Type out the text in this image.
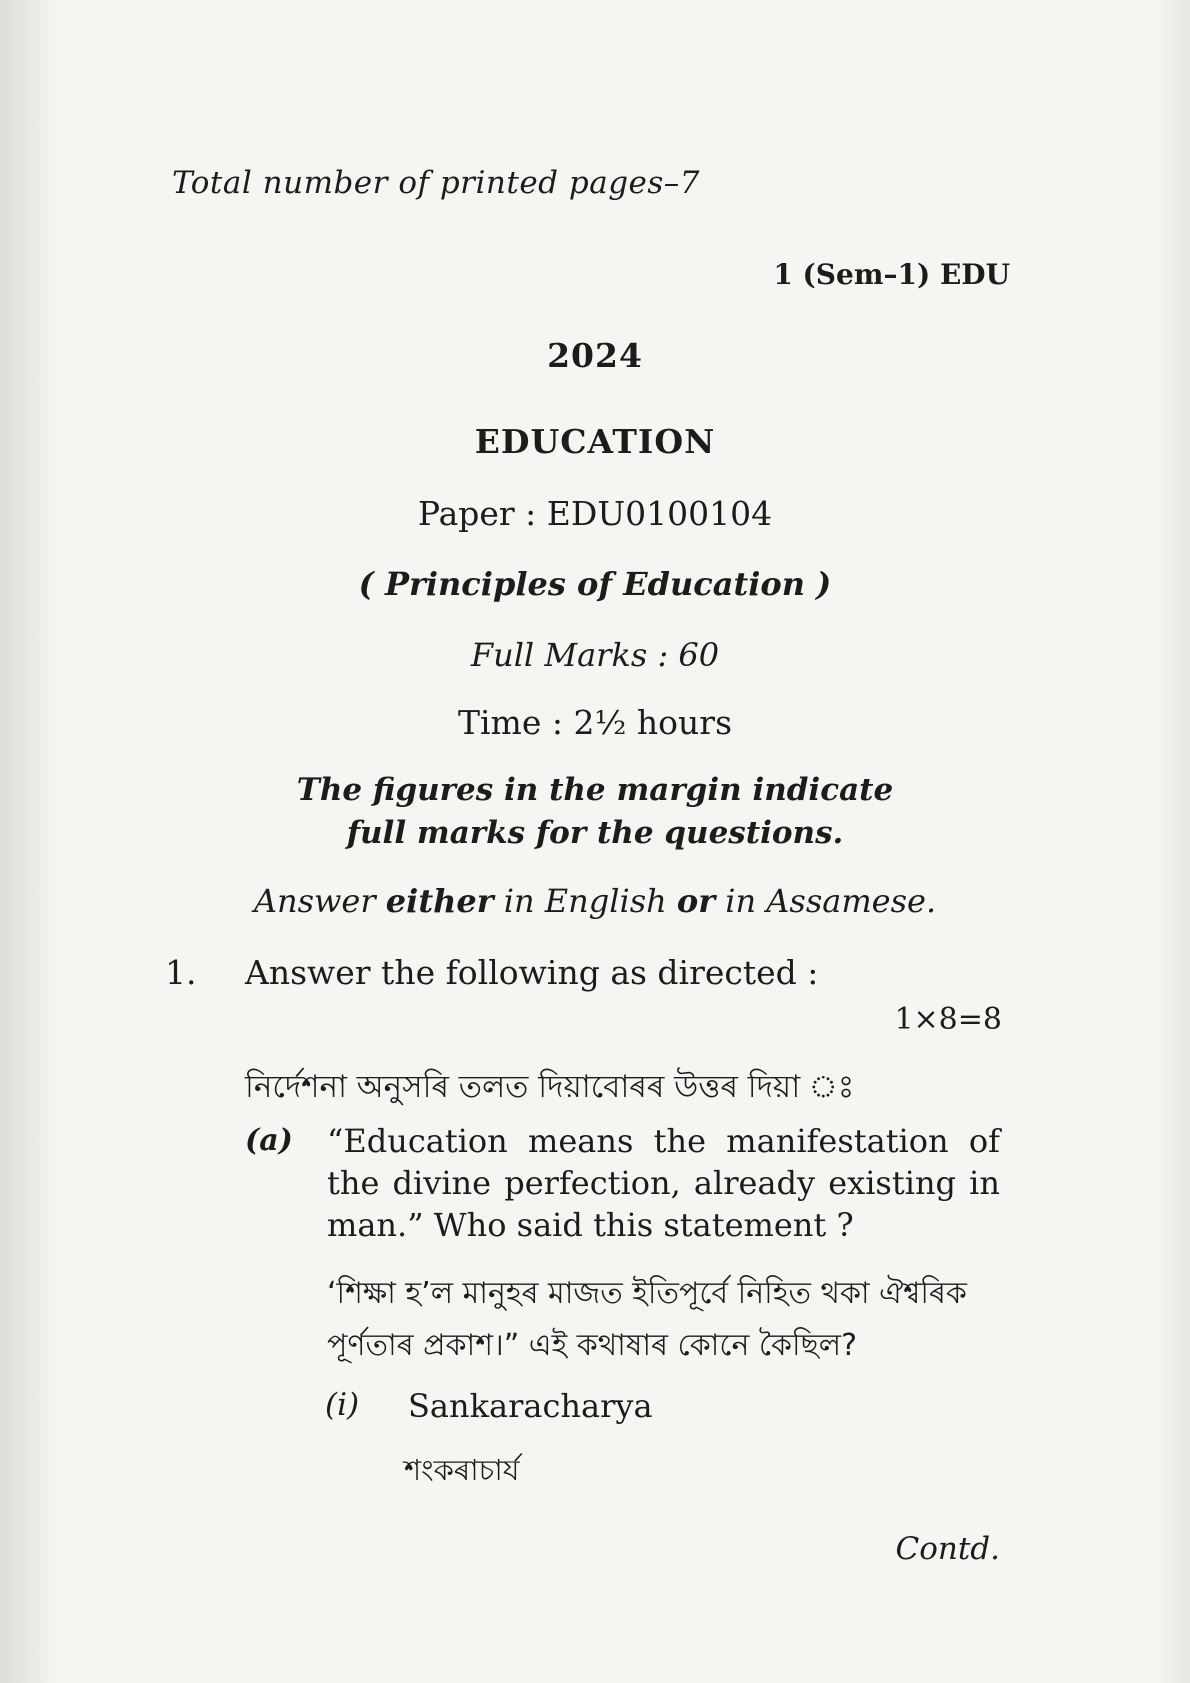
Total number of printed pages–7
1 (Sem–1) EDU
2024
EDUCATION
Paper : EDU0100104
( Principles of Education )
Full Marks : 60
Time : 2½ hours
The figures in the margin indicate
full marks for the questions.
Answer either in English or in Assamese.
1. Answer the following as directed :
1×8=8
নিৰ্দেশনা অনুসৰি তলত দিয়াবোৰৰ উত্তৰ দিয়া ঃ
(a) “Education means the manifestation of the divine perfection, already existing in man.” Who said this statement ?
‘শিক্ষা হ’ল মানুহৰ মাজত ইতিপূৰ্বে নিহিত থকা ঐশ্বৰিক পূৰ্ণতাৰ প্ৰকাশ।” এই কথাষাৰ কোনে কৈছিল?
(i) Sankaracharya
শংকৰাচাৰ্য
Contd.
